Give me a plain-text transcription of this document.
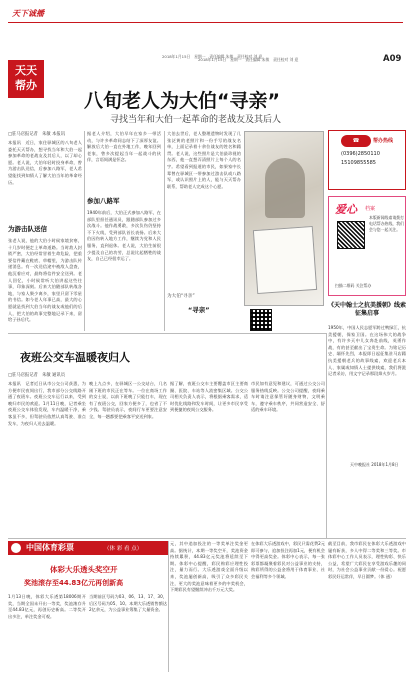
天下诚播
2018年1月15日　星期一　责任编辑 朱敏　责任校对 刘 迎
2018年1月15日　星期一　责任编辑 朱敏　责任校对 刘 迎	A09
天天
帮办
八旬老人为大伯“寻亲”
寻找当年和大伯一起革命的老战友及其后人
☎	帮办热线
(0396)2850110
15109855585
□驻马店报记者　朱敏 本报讯
本报讯　近日，家住驿城区的八旬老人委托天天帮办，想寻找当年和大伯一起参加革命的老战友及其后人，以了却心愿。老人说，大伯年轻时投身革命，曾为游击队送信，后参加八路军，老人希望能找到知情人了解大伯当年的革命经历。
为游击队送信
张老人说，他的大伯小时候家境贫寒，十几岁时便走上革命道路。当时敌人封锁严密，大伯经常冒着生命危险，把重要信件藏在鞋底、草帽里，为游击队传递消息。有一次送信途中被敌人盘查，他沉着应对，最终将信件安全送到。老人回忆，小时候常听大伯讲起这些往事，印象深刻。后来大伯随部队转战各地，与家人聚少离多，家里只留下零星的书信。如今老人年事已高，最大的心愿就是找到大伯当年的战友或他们的后人，把大伯的故事完整地记录下来，留给子孙后代。
据老人介绍，大伯早年在家乡一带活动，与许多革命同志结下了深厚友谊。解放后大伯一直在外地工作，晚年回到老家，曾多次提起当年一起战斗的伙伴，言语间满是怀念。
参加八路军
1940年前后，大伯正式参加八路军，在部队里担任通讯员，跟随部队参加过多次战斗。他作战勇敢，多次负伤仍坚持不下火线，受到部队首长表扬。后来大伯因伤转入地方工作，继续为党和人民服务，直到退休。老人说，大伯生前很少提及自己的功劳，总说比起牺牲的战友，自己已经很幸运了。
大伯去世后，老人整理遗物时发现了几张泛黄的老照片和一份手写的战友名单，上面记录着十余位战友的姓名和籍贯。老人说，这些照片是大伯最珍视的东西，他一直想弄清照片上每个人的名字。希望看到报道的市民，如果家中长辈曾在驿城区一带参加过游击队或八路军，或认识照片上的人，能与天天帮办联系，帮助老人完成这个心愿。
为大伯“寻亲”
“寻亲”
爱心 档案
本版新闻线索请拨打电话帮办热线，我们会与您一起关注。
扫描二维码 关注帮办
《天中翰士之抗美援朝》线索征集启事
1950年，中国人民志愿军跨过鸭绿江，抗美援朝，保家卫国。在这场伟大的战争中，有许多天中儿女奔赴前线，英勇作战，有的甚至献出了宝贵生命。为铭记历史、缅怀先烈，本报即日起征集驻马店籍抗美援朝老兵的故事线索，欢迎老兵本人、家属或知情人士提供线索，我们将派记者采访，用文字记录那段烽火岁月。
天中晚报社 2018年1月8日
夜班公交车温暖夜归人
□驻马店报记者　朱敏 通讯员
本报讯　记者近日从市公交公司获悉，为方便市民夜间出行，我市部分公交线路开通了夜班车。夜班公交车运行以来，受到晚归市民的欢迎。1月11日晚，记者乘坐夜班公交车体验发现，车内温暖干净，乘客虽不多，但驾驶员依然认真驾驶、准点发车，为夜归人送去温暖。
晚上九点多，在驿城区一公交站台，几名刚下班的市民正在等车。一位在商场工作的女士说，以前下班晚了只能打车，现在有了夜班公交，回家方便多了，也省了不少钱。驾驶员表示，夜间行车更要注意安全，每一趟都要把乘客平安送到家。
据了解，夜班公交车主要覆盖市区主要商圈、医院、车站等人流密集区域。公交公司相关负责人表示，将根据乘客需求，适时优化线路和发车时间，让更多市民享受到便捷的夜间公交服务。
市民如有意见和建议，可通过公交公司服务热线反映。公交公司提醒，夜间乘车时请注意保管好随身财物，文明乘车，遵守乘车秩序，共同营造安全、舒适的乘车环境。
中国体育彩票	（体 彩 看 点）
体彩大乐透头奖空开
奖池滚存至44.83亿元再创新高
1月13日晚，体彩大乐透第18006期开奖，当期全国未开出一等奖，奖池滚存升至44.83亿元，再创历史新高。二等奖开出多注，单注奖金可观。
当期前区号码为03、06、13、17、30，后区号码为05、10。本期大乐透销售额达2亿余元，为公益事业筹集了大量资金。
元，其中追加投注的一等奖单注奖金更高。据统计，本期一等奖空开，奖池资金持续累积，44.83亿元奖池将延续至下期。体彩中心提醒，彩民购彩应理性投注，量力而行。大乐透游戏全面升级以来，奖池屡创新高，吸引了众多彩民关注，更大的奖池意味着更多的中奖机会，下期彩民有望继续冲击千万元大奖。
在体彩大乐透游戏中，彩民只需花费2元即可参与，追加投注再加1元，便有机会中得更高奖金。体彩中心表示，每一张彩票都凝聚着彩民对公益事业的支持，购彩所得的公益金将用于体育事业、社会福利等多个领域。
截至目前，我市彩民在体彩大乐透游戏中屡有斩获，多人中得二等奖和三等奖。市体彩中心工作人员表示，理性购彩、快乐公益，希望广大彩民在享受游戏乐趣的同时，为社会公益事业贡献一份爱心。祝愿彩民好运常伴，早日圆梦。（体 通）
